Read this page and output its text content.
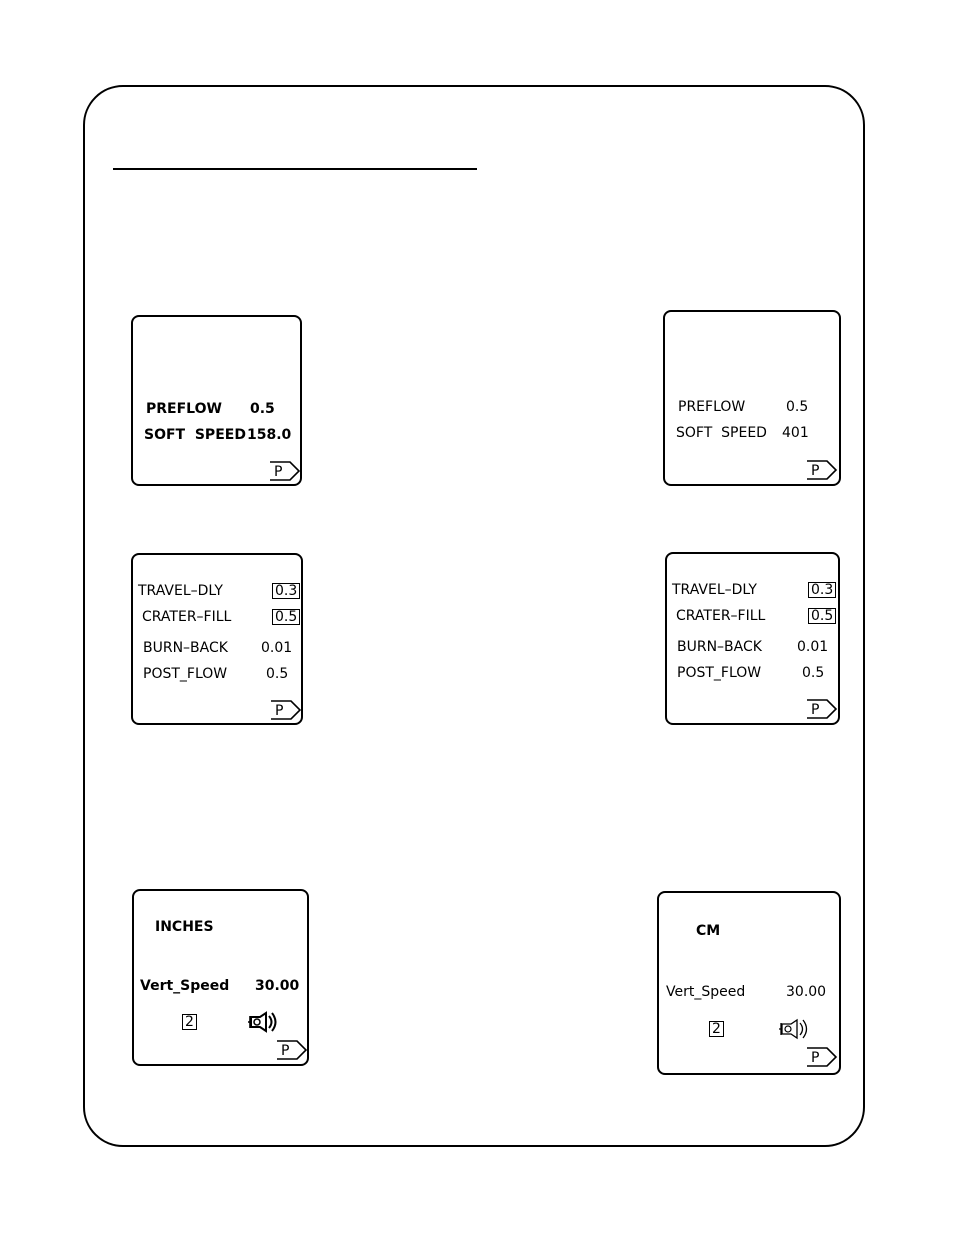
PREFLOW 0.5
SOFT  SPEED 158.0
P
PREFLOW	0.5
SOFT  SPEED 401
P
TRAVEL–DLY	0.3
CRATER–FILL	0.5
BURN–BACK 0.01
POST_FLOW	0.5
P
TRAVEL–DLY	0.3
CRATER–FILL	0.5
BURN–BACK	0.01
POST_FLOW	0.5
P
INCHES
Vert_Speed 30.00
2
P
CM
Vert_Speed	30.00
2
P
